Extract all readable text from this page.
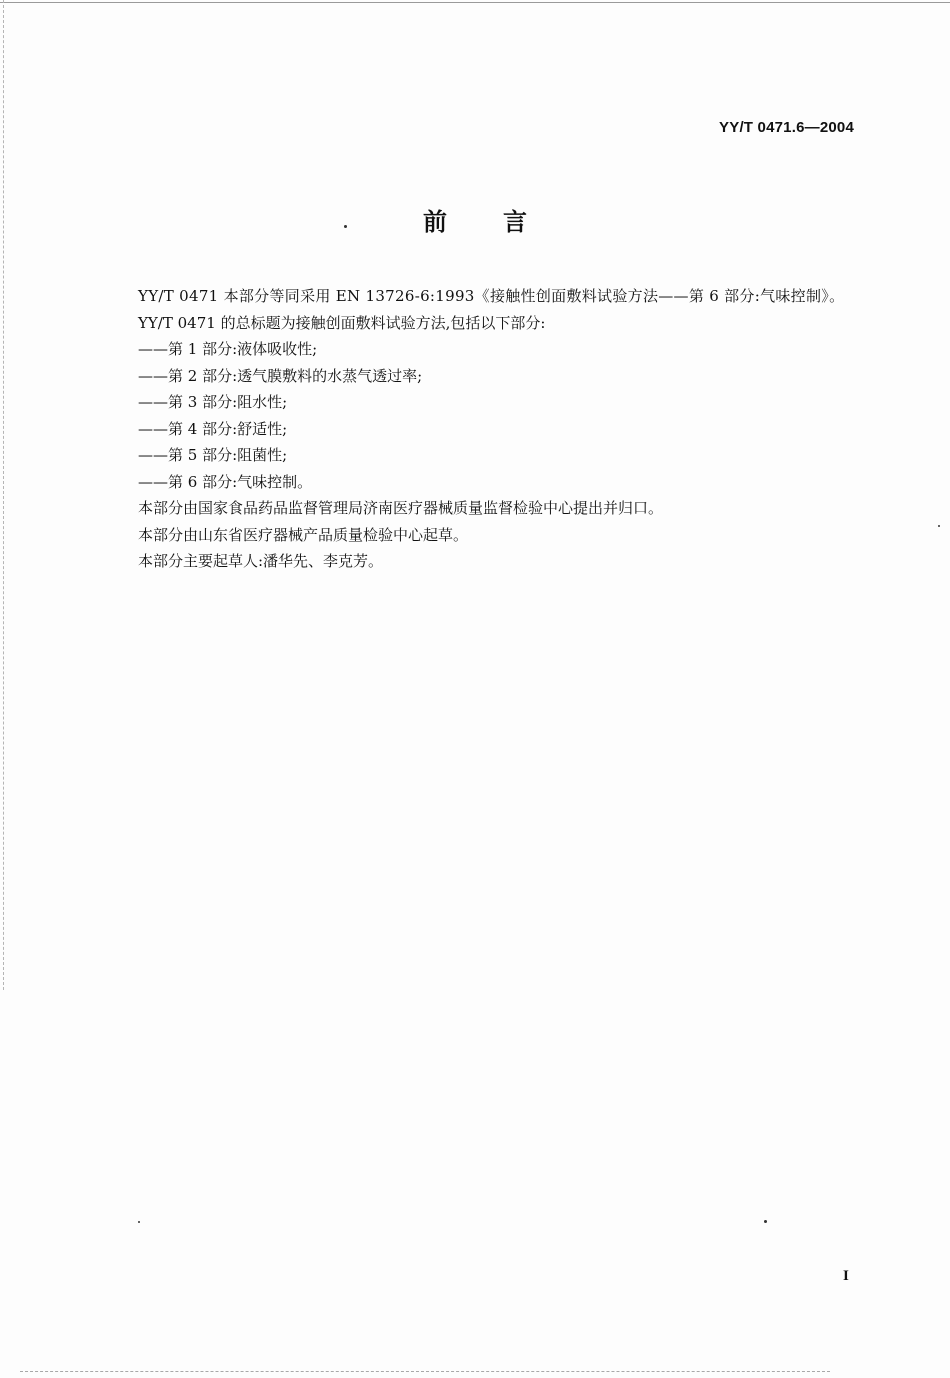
YY/T 0471.6—2004
前言

YY/T 0471 本部分等同采用 EN 13726-6:1993《接触性创面敷料试验方法——第 6 部分:气味控制》。

YY/T 0471 的总标题为接触创面敷料试验方法,包括以下部分:

——第 1 部分:液体吸收性;

——第 2 部分:透气膜敷料的水蒸气透过率;

——第 3 部分:阻水性;

——第 4 部分:舒适性;

——第 5 部分:阻菌性;

——第 6 部分:气味控制。

本部分由国家食品药品监督管理局济南医疗器械质量监督检验中心提出并归口。

本部分由山东省医疗器械产品质量检验中心起草。

本部分主要起草人:潘华先、李克芳。

I
